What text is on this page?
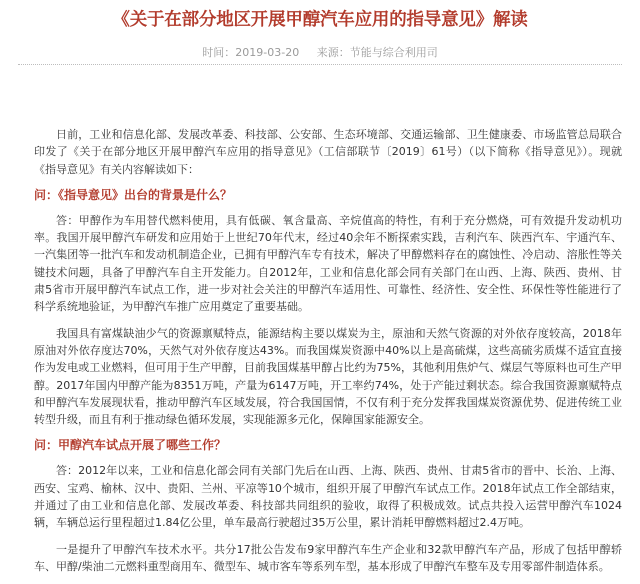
《关于在部分地区开展甲醇汽车应用的指导意见》解读
时间：2019-03-20 来源：节能与综合利用司

日前，工业和信息化部、发展改革委、科技部、公安部、生态环境部、交通运输部、卫生健康委、市场监管总局联合印发了《关于在部分地区开展甲醇汽车应用的指导意见》（工信部联节〔2019〕61号）（以下简称《指导意见》）。现就《指导意见》有关内容解读如下：

问：《指导意见》出台的背景是什么？

答：甲醇作为车用替代燃料使用，具有低碳、氧含量高、辛烷值高的特性，有利于充分燃烧，可有效提升发动机功率。我国开展甲醇汽车研发和应用始于上世纪70年代末，经过40余年不断探索实践，吉利汽车、陕西汽车、宇通汽车、一汽集团等一批汽车和发动机制造企业，已拥有甲醇汽车专有技术，解决了甲醇燃料存在的腐蚀性、冷启动、溶胀性等关键技术问题，具备了甲醇汽车自主开发能力。自2012年，工业和信息化部会同有关部门在山西、上海、陕西、贵州、甘肃5省市开展甲醇汽车试点工作，进一步对社会关注的甲醇汽车适用性、可靠性、经济性、安全性、环保性等性能进行了科学系统地验证，为甲醇汽车推广应用奠定了重要基础。

我国具有富煤缺油少气的资源禀赋特点，能源结构主要以煤炭为主，原油和天然气资源的对外依存度较高，2018年原油对外依存度达70%，天然气对外依存度达43%。而我国煤炭资源中40%以上是高硫煤，这些高硫劣质煤不适宜直接作为发电或工业燃料，但可用于生产甲醇，目前我国煤基甲醇占比约为75%，其他利用焦炉气、煤层气等原料也可生产甲醇。2017年国内甲醇产能为8351万吨，产量为6147万吨，开工率约74%，处于产能过剩状态。综合我国资源禀赋特点和甲醇汽车发展现状看，推动甲醇汽车区域发展，符合我国国情，不仅有利于充分发挥我国煤炭资源优势、促进传统工业转型升级，而且有利于推动绿色循环发展，实现能源多元化，保障国家能源安全。

问：甲醇汽车试点开展了哪些工作？

答：2012年以来，工业和信息化部会同有关部门先后在山西、上海、陕西、贵州、甘肃5省市的晋中、长治、上海、西安、宝鸡、榆林、汉中、贵阳、兰州、平凉等10个城市，组织开展了甲醇汽车试点工作。2018年试点工作全部结束，并通过了由工业和信息化部、发展改革委、科技部共同组织的验收，取得了积极成效。试点共投入运营甲醇汽车1024辆，车辆总运行里程超过1.84亿公里，单车最高行驶超过35万公里，累计消耗甲醇燃料超过2.4万吨。

一是提升了甲醇汽车技术水平。共分17批公告发布9家甲醇汽车生产企业和32款甲醇汽车产品，形成了包括甲醇轿车、甲醇/柴油二元燃料重型商用车、微型车、城市客车等系列车型，基本形成了甲醇汽车整车及专用零部件制造体系。
